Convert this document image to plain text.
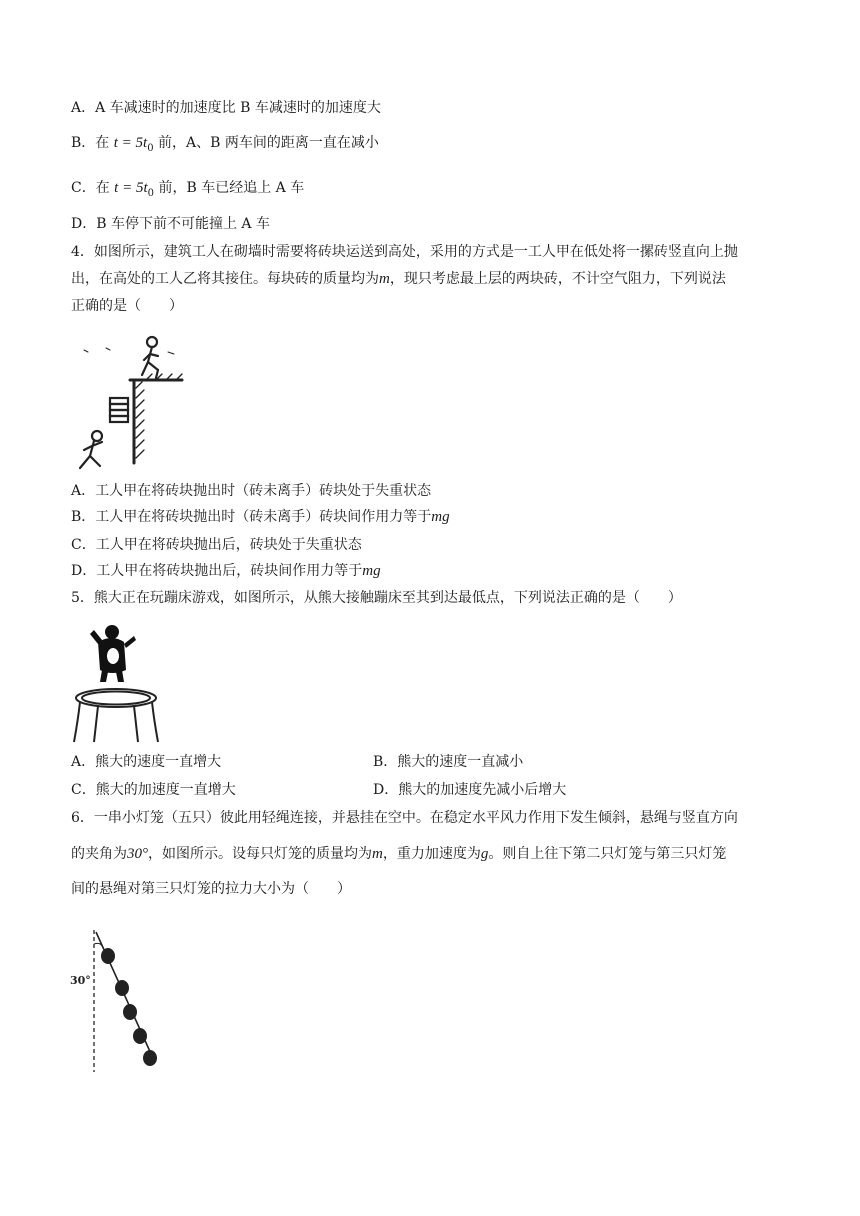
A．A 车减速时的加速度比 B 车减速时的加速度大
B．在 $t = 5t_0$ 前，A、B 两车间的距离一直在减小
C．在 $t = 5t_0$ 前，B 车已经追上 A 车
D．B 车停下前不可能撞上 A 车
4．如图所示，建筑工人在砌墙时需要将砖块运送到高处，采用的方式是一工人甲在低处将一摞砖竖直向上抛
出，在高处的工人乙将其接住。每块砖的质量均为m，现只考虑最上层的两块砖，不计空气阻力，下列说法
正确的是（　　）
A．工人甲在将砖块抛出时（砖未离手）砖块处于失重状态
B．工人甲在将砖块抛出时（砖未离手）砖块间作用力等于mg
C．工人甲在将砖块抛出后，砖块处于失重状态
D．工人甲在将砖块抛出后，砖块间作用力等于mg
5．熊大正在玩蹦床游戏，如图所示，从熊大接触蹦床至其到达最低点，下列说法正确的是（　　）
A．熊大的速度一直增大	B．熊大的速度一直减小
C．熊大的加速度一直增大	D．熊大的加速度先减小后增大
6．一串小灯笼（五只）彼此用轻绳连接，并悬挂在空中。在稳定水平风力作用下发生倾斜，悬绳与竖直方向
的夹角为30°，如图所示。设每只灯笼的质量均为m，重力加速度为g。则自上往下第二只灯笼与第三只灯笼
间的悬绳对第三只灯笼的拉力大小为（　　）
30°
